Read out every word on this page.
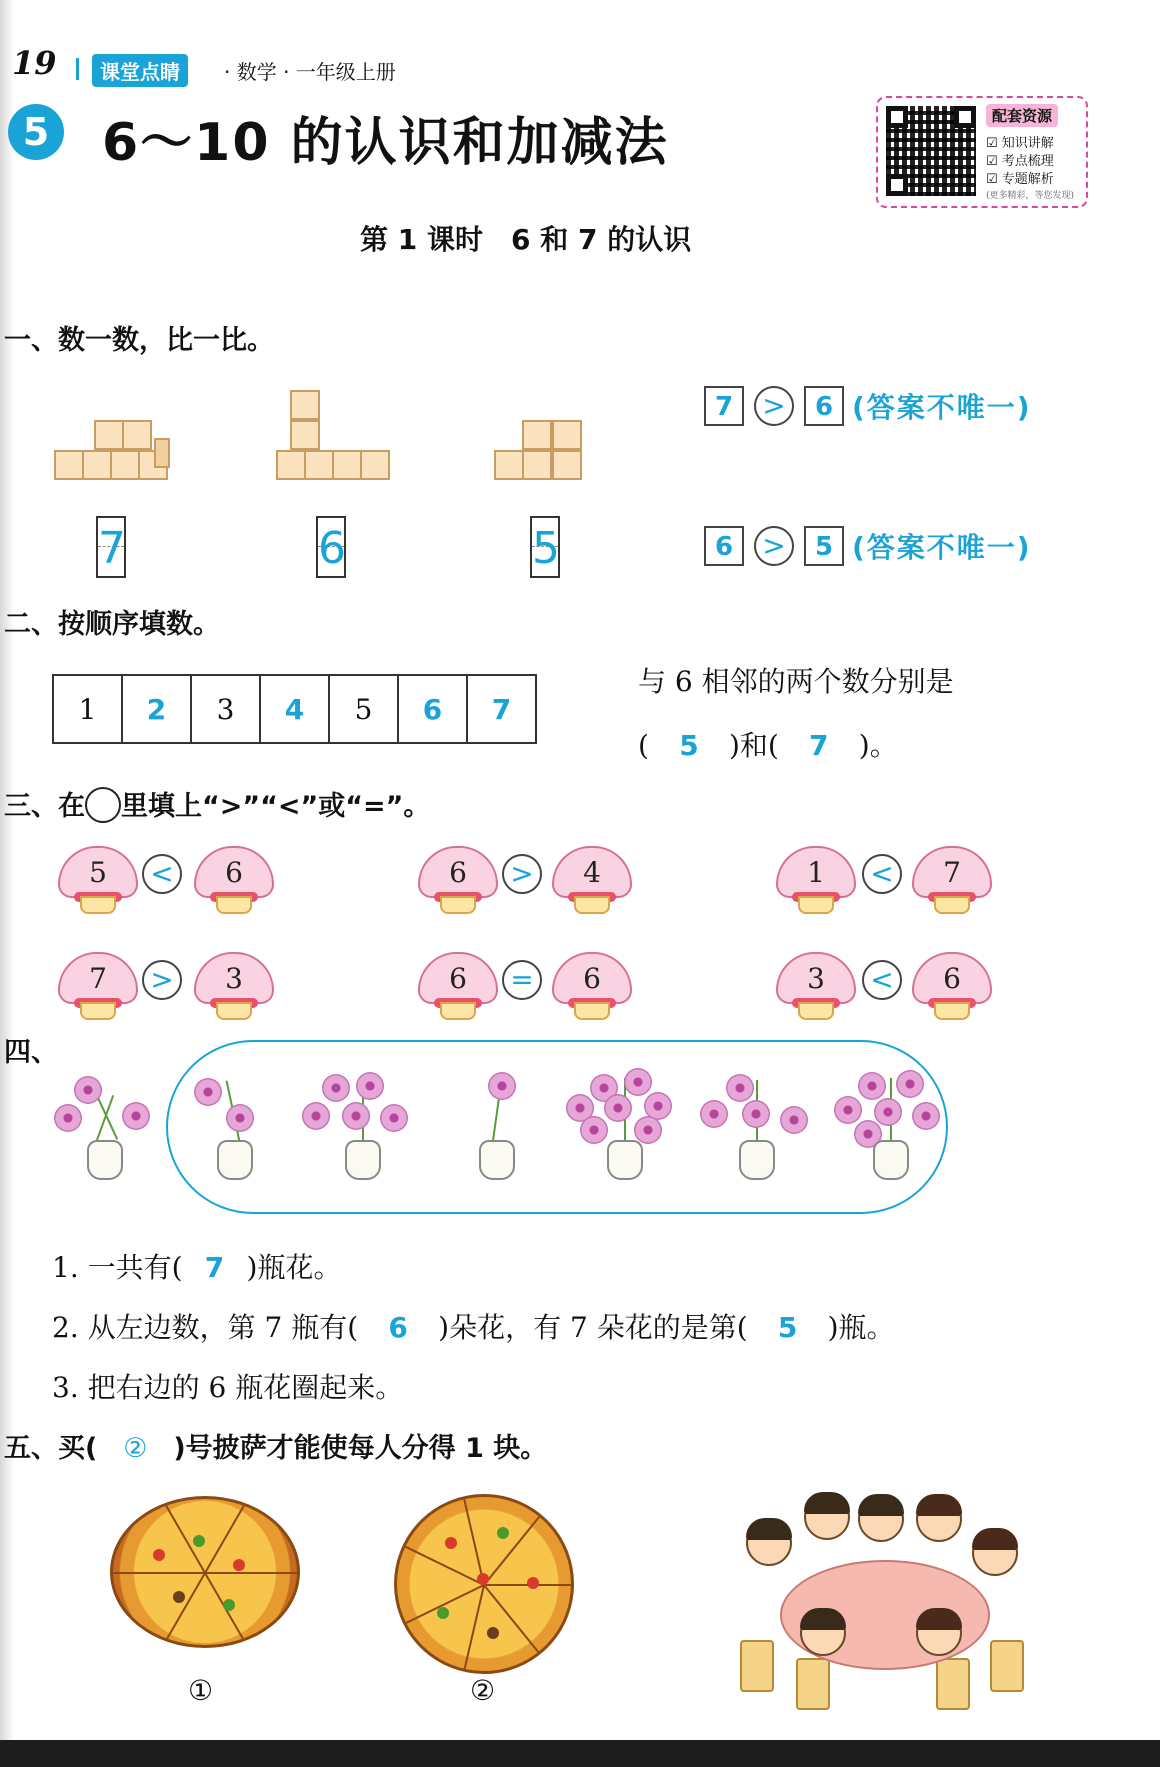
19	课堂点睛	· 数学 · 一年级上册
5 6～10 的认识和加减法	配套资源
☑ 知识讲解
☑ 考点梳理
☑ 专题解析
(更多精彩，等您发现)
第 1 课时　6 和 7 的认识
一、数一数，比一比。
7	6	5
7	>	6 (答案不唯一)
6	>	5 (答案不唯一)
二、按顺序填数。
1	2	3	4	5	6	7
与 6 相邻的两个数分别是
( 5 )和( 7 )。
三、在 里填上“>”“<”或“=”。
5	<	6	6	>	4	1	<	7
7	>	3	6	=	6	3	<	6
四、
1. 一共有( 7 )瓶花。
2. 从左边数，第 7 瓶有( 6 )朵花，有 7 朵花的是第( 5 )瓶。
3. 把右边的 6 瓶花圈起来。
五、买( ② )号披萨才能使每人分得 1 块。
①	②
